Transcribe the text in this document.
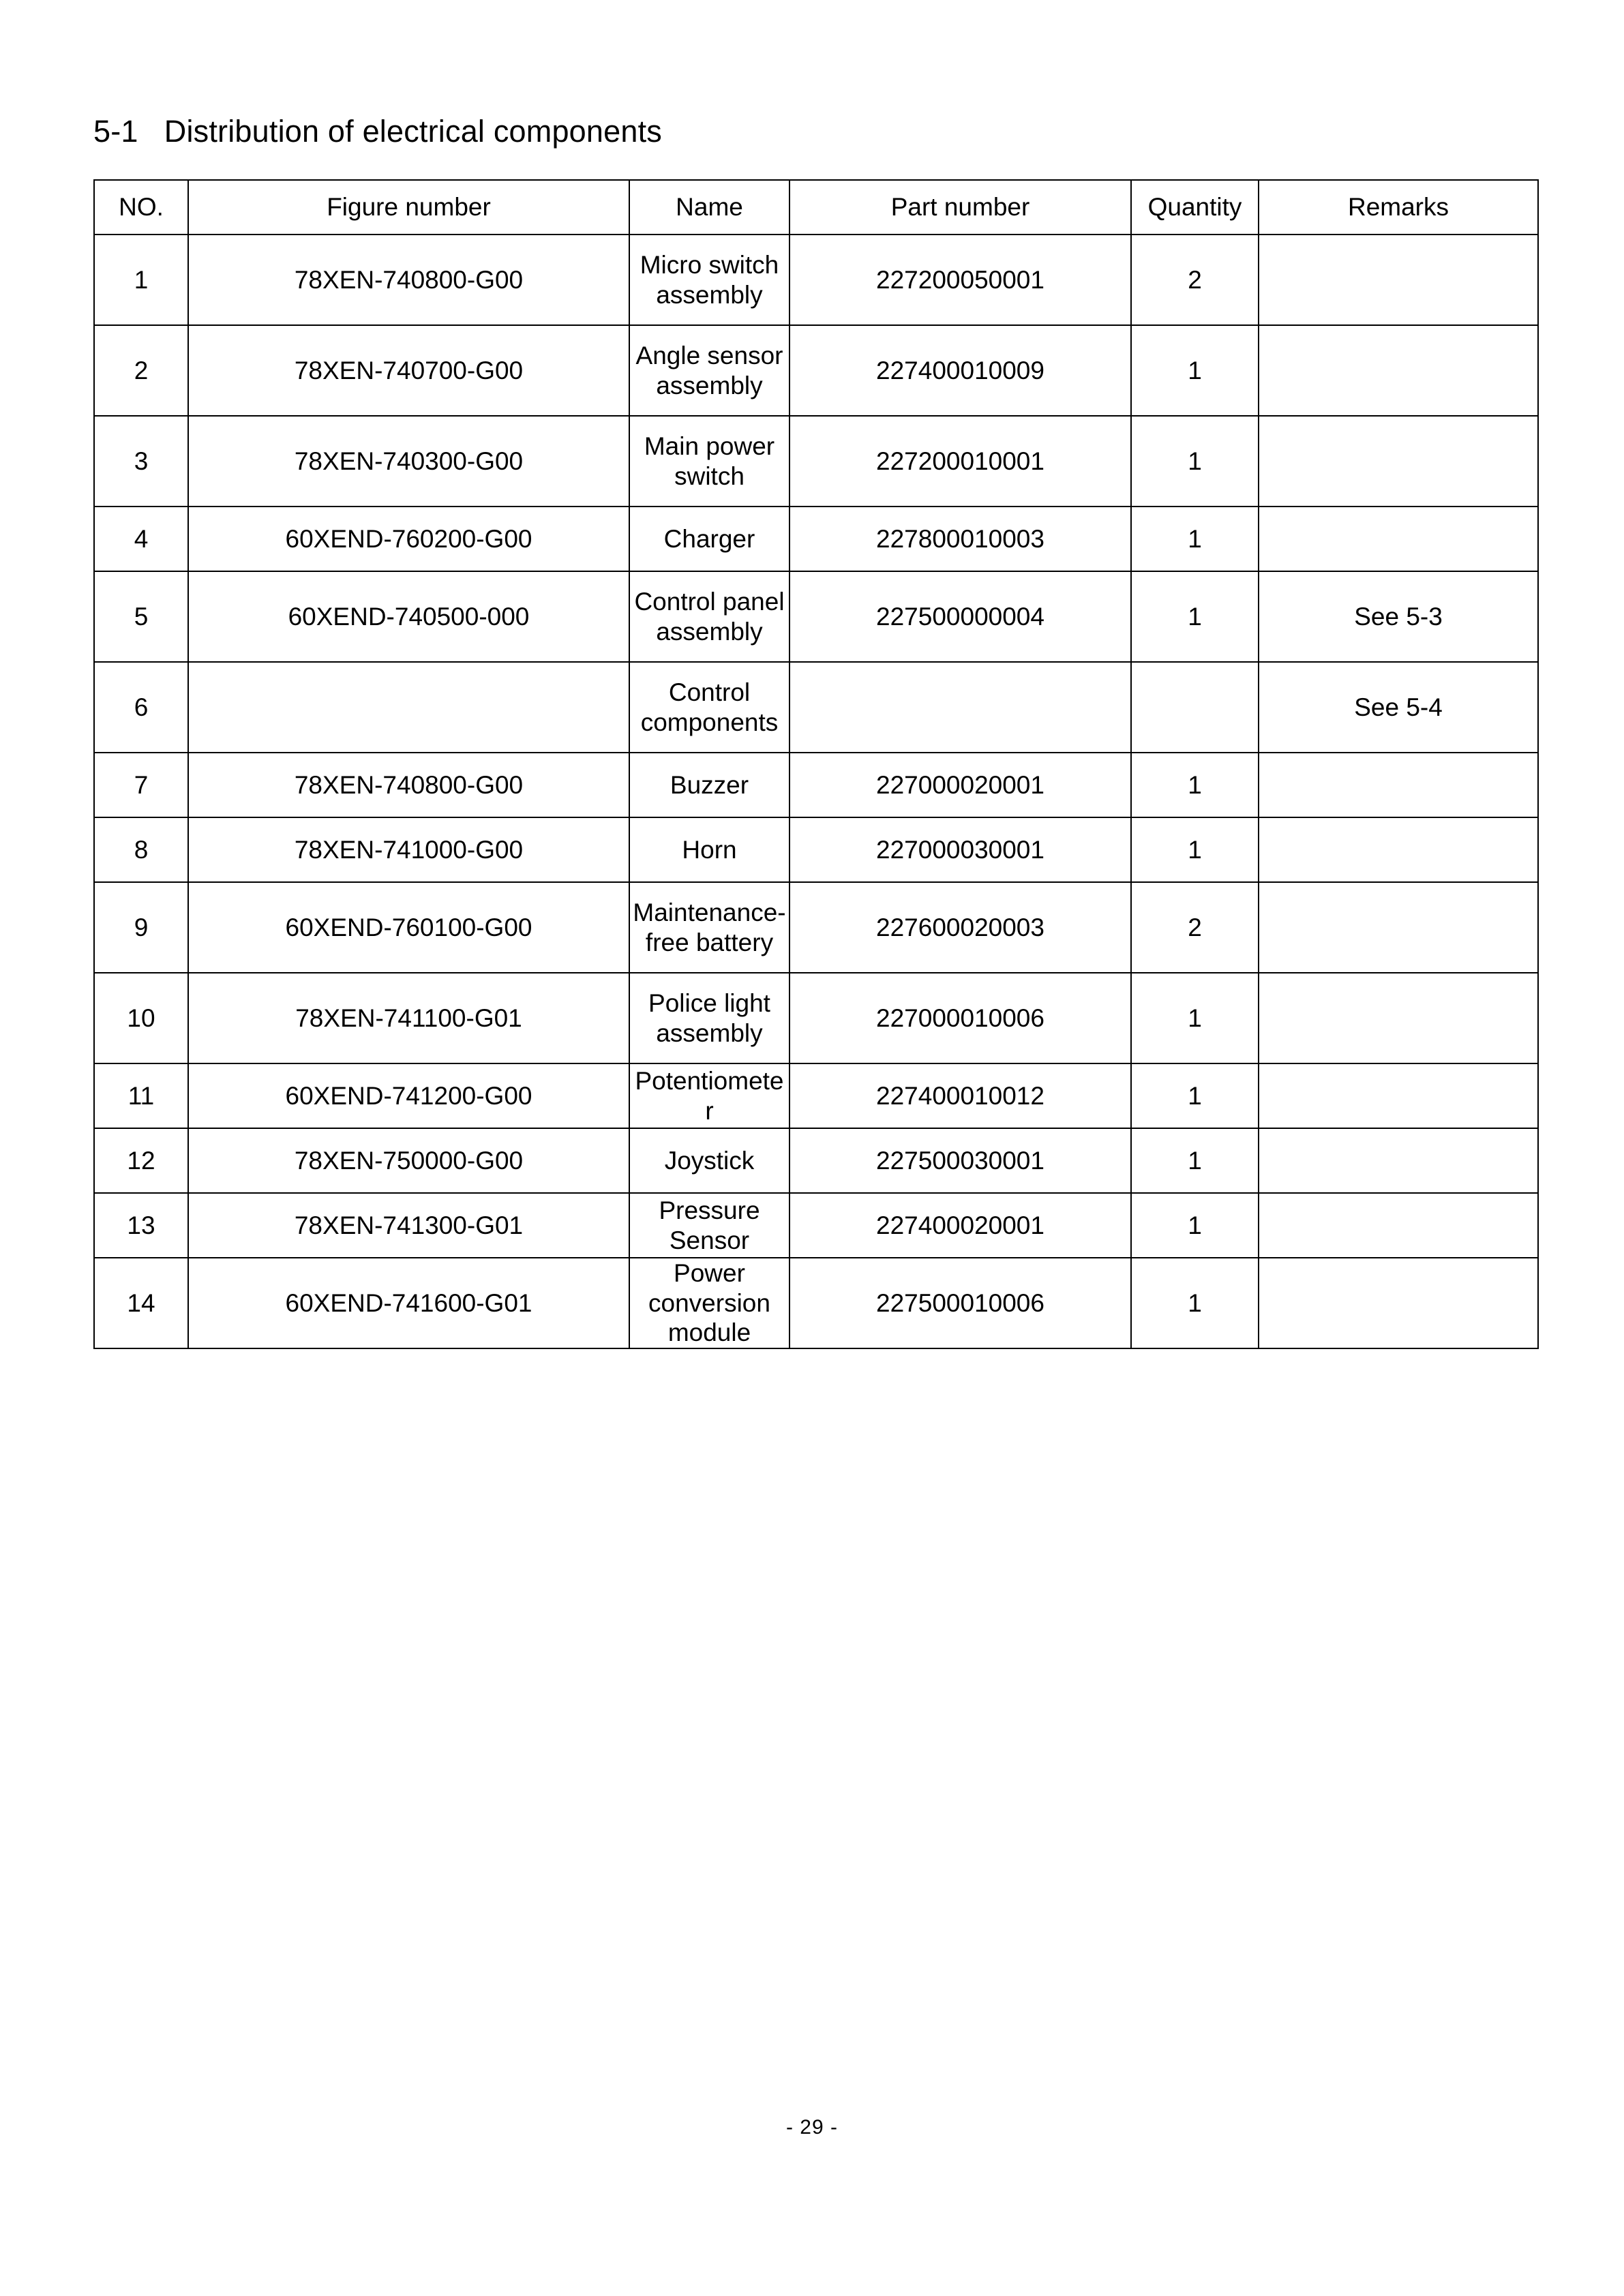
5-1   Distribution of electrical components
NO.	Figure number	Name	Part number	Quantity	Remarks
1	78XEN-740800-G00	Micro switch assembly	227200050001	2	
2	78XEN-740700-G00	Angle sensor assembly	227400010009	1	
3	78XEN-740300-G00	Main power switch	227200010001	1	
4	60XEND-760200-G00	Charger	227800010003	1	
5	60XEND-740500-000	Control panel assembly	227500000004	1	See 5-3
6		Control components			See 5-4
7	78XEN-740800-G00	Buzzer	227000020001	1	
8	78XEN-741000-G00	Horn	227000030001	1	
9	60XEND-760100-G00	Maintenance-free battery	227600020003	2	
10	78XEN-741100-G01	Police light assembly	227000010006	1	
11	60XEND-741200-G00	Potentiometer	227400010012	1	
12	78XEN-750000-G00	Joystick	227500030001	1	
13	78XEN-741300-G01	Pressure Sensor	227400020001	1	
14	60XEND-741600-G01	Power conversion module	227500010006	1	
- 29 -
